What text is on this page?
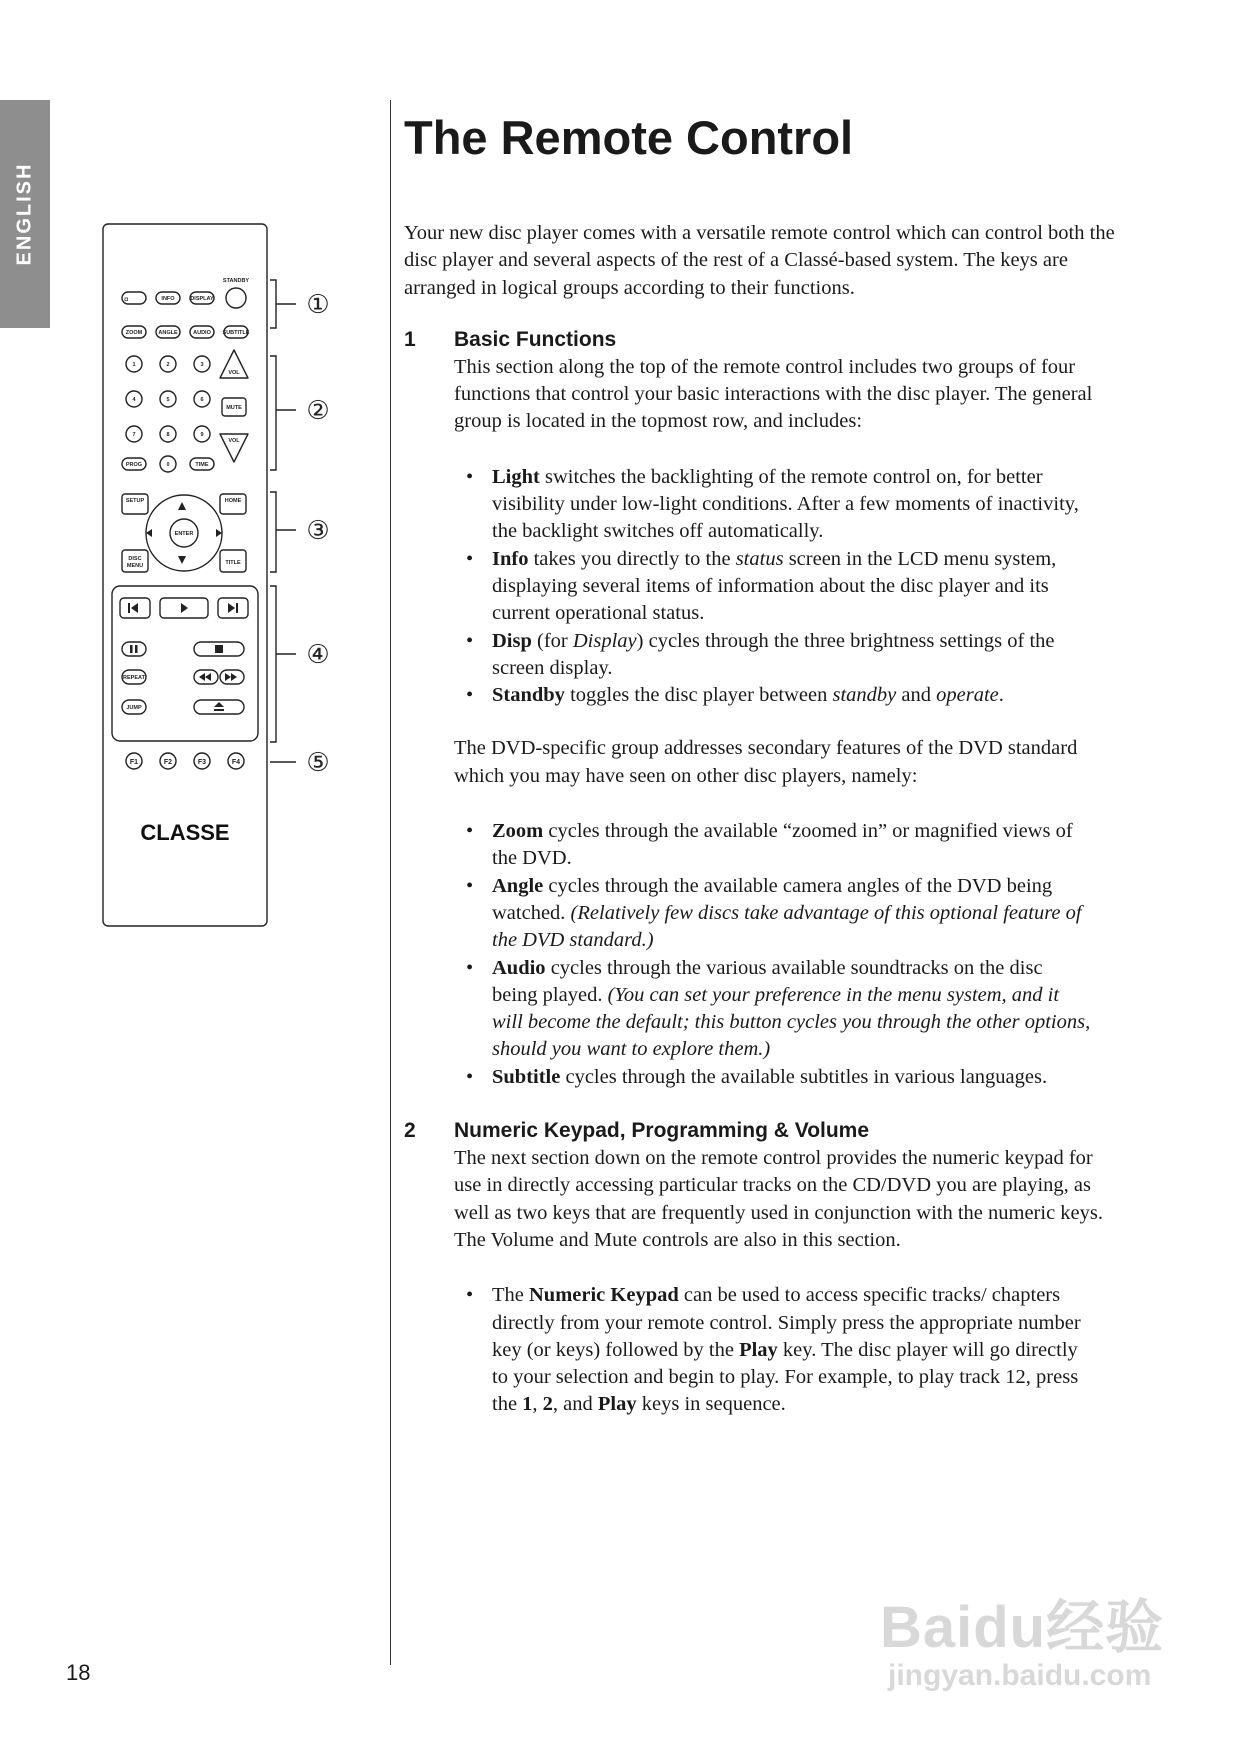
ENGLISH
¤	INFO	DISPLAY
STANDBY
ZOOM	ANGLE	AUDIO SUBTITLE
1	2	3
4	5	6
7	8	9
0
PROG	TIME
VOL
MUTE
VOL
SETUP	HOME
ENTER
DISC
MENU	TITLE
REPEAT
JUMP
F1	F2	F3	F4
CLASSE
①
②
③
④
⑤
The Remote Control

Your new disc player comes with a versatile remote control which can control both the disc player and several aspects of the rest of a Classé-based system. The keys are arranged in logical groups according to their functions.

1	Basic Functions

This section along the top of the remote control includes two groups of four functions that control your basic interactions with the disc player. The general group is located in the topmost row, and includes:

• Light switches the backlighting of the remote control on, for better visibility under low-light conditions. After a few moments of inactivity, the backlight switches off automatically.
• Info takes you directly to the status screen in the LCD menu system, displaying several items of information about the disc player and its current operational status.
• Disp (for Display) cycles through the three brightness settings of the screen display.
• Standby toggles the disc player between standby and operate.

The DVD-specific group addresses secondary features of the DVD standard which you may have seen on other disc players, namely:

• Zoom cycles through the available “zoomed in” or magnified views of the DVD.
• Angle cycles through the available camera angles of the DVD being watched. (Relatively few discs take advantage of this optional feature of the DVD standard.)
• Audio cycles through the various available soundtracks on the disc being played. (You can set your preference in the menu system, and it will become the default; this button cycles you through the other options, should you want to explore them.)
• Subtitle cycles through the available subtitles in various languages.
2	Numeric Keypad, Programming & Volume

The next section down on the remote control provides the numeric keypad for use in directly accessing particular tracks on the CD/DVD you are playing, as well as two keys that are frequently used in conjunction with the numeric keys. The Volume and Mute controls are also in this section.

• The Numeric Keypad can be used to access specific tracks/ chapters directly from your remote control. Simply press the appropriate number key (or keys) followed by the Play key. The disc player will go directly to your selection and begin to play. For example, to play track 12, press the 1, 2, and Play keys in sequence.
18
Baidu经验
jingyan.baidu.com
